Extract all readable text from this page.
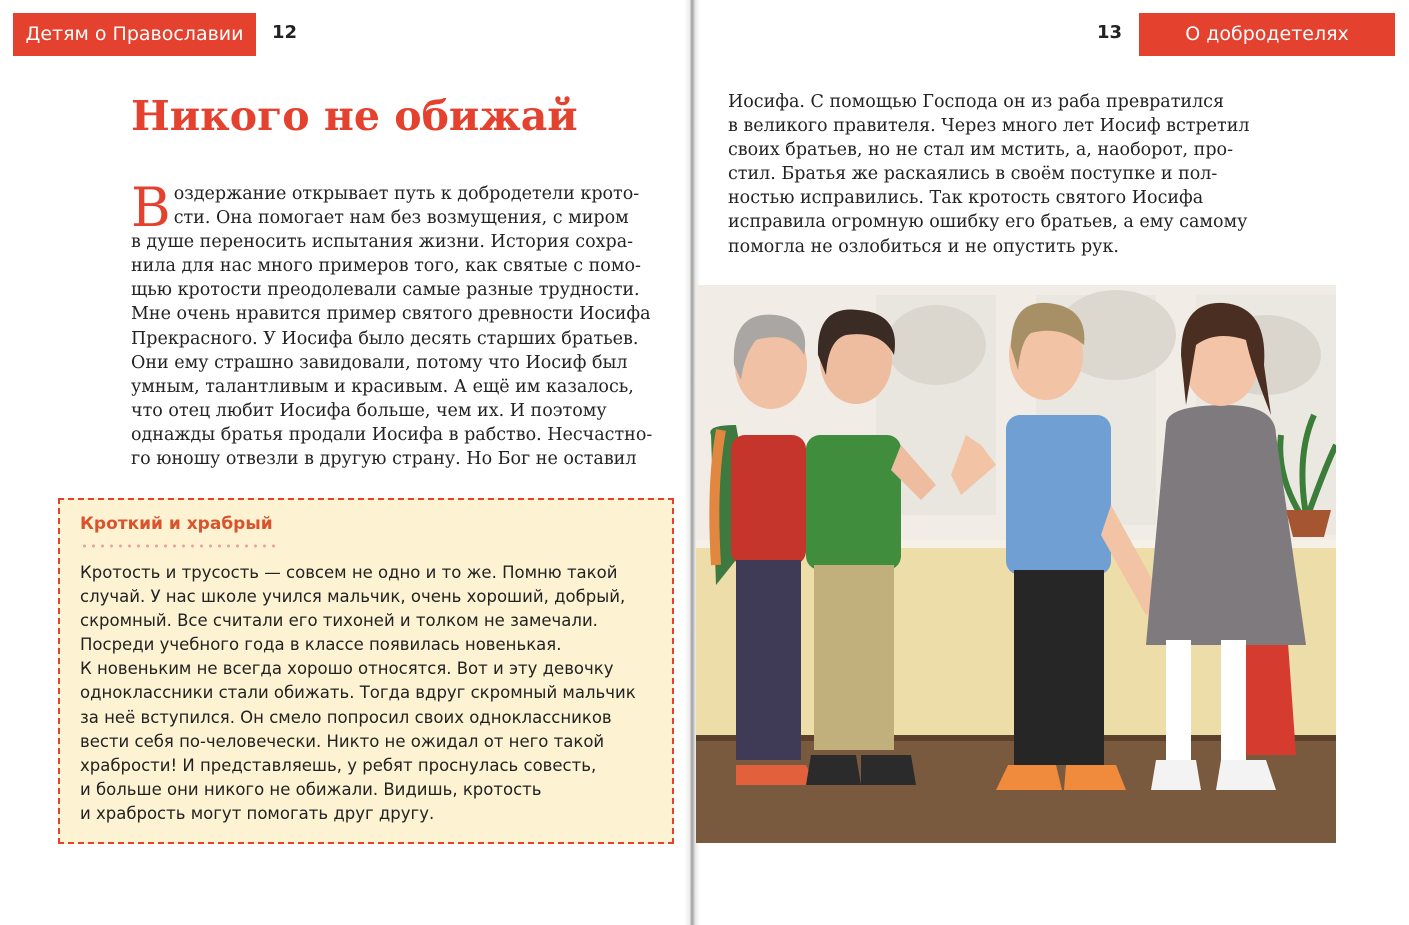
Детям о Православии	12
Никого не обижай
В оздержание открывает путь к добродетели крото-
сти. Она помогает нам без возмущения, с миром
в душе переносить испытания жизни. История сохра-
нила для нас много примеров того, как святые с помо-
щью кротости преодолевали самые разные трудности.
Мне очень нравится пример святого древности Иосифа
Прекрасного. У Иосифа было десять старших братьев.
Они ему страшно завидовали, потому что Иосиф был
умным, талантливым и красивым. А ещё им казалось,
что отец любит Иосифа больше, чем их. И поэтому
однажды братья продали Иосифа в рабство. Несчастно-
го юношу отвезли в другую страну. Но Бог не оставил
Кроткий и храбрый
Кротость и трусость — совсем не одно и то же. Помню такой
случай. У нас школе учился мальчик, очень хороший, добрый,
скромный. Все считали его тихоней и толком не замечали.
Посреди учебного года в классе появилась новенькая.
К новеньким не всегда хорошо относятся. Вот и эту девочку
одноклассники стали обижать. Тогда вдруг скромный мальчик
за неё вступился. Он смело попросил своих одноклассников
вести себя по-человечески. Никто не ожидал от него такой
храбрости! И представляешь, у ребят проснулась совесть,
и больше они никого не обижали. Видишь, кротость
и храбрость могут помогать друг другу.
13	О добродетелях
Иосифа. С помощью Господа он из раба превратился
в великого правителя. Через много лет Иосиф встретил
своих братьев, но не стал им мстить, а, наоборот, про-
стил. Братья же раскаялись в своём поступке и пол-
ностью исправились. Так кротость святого Иосифа
исправила огромную ошибку его братьев, а ему самому
помогла не озлобиться и не опустить рук.
